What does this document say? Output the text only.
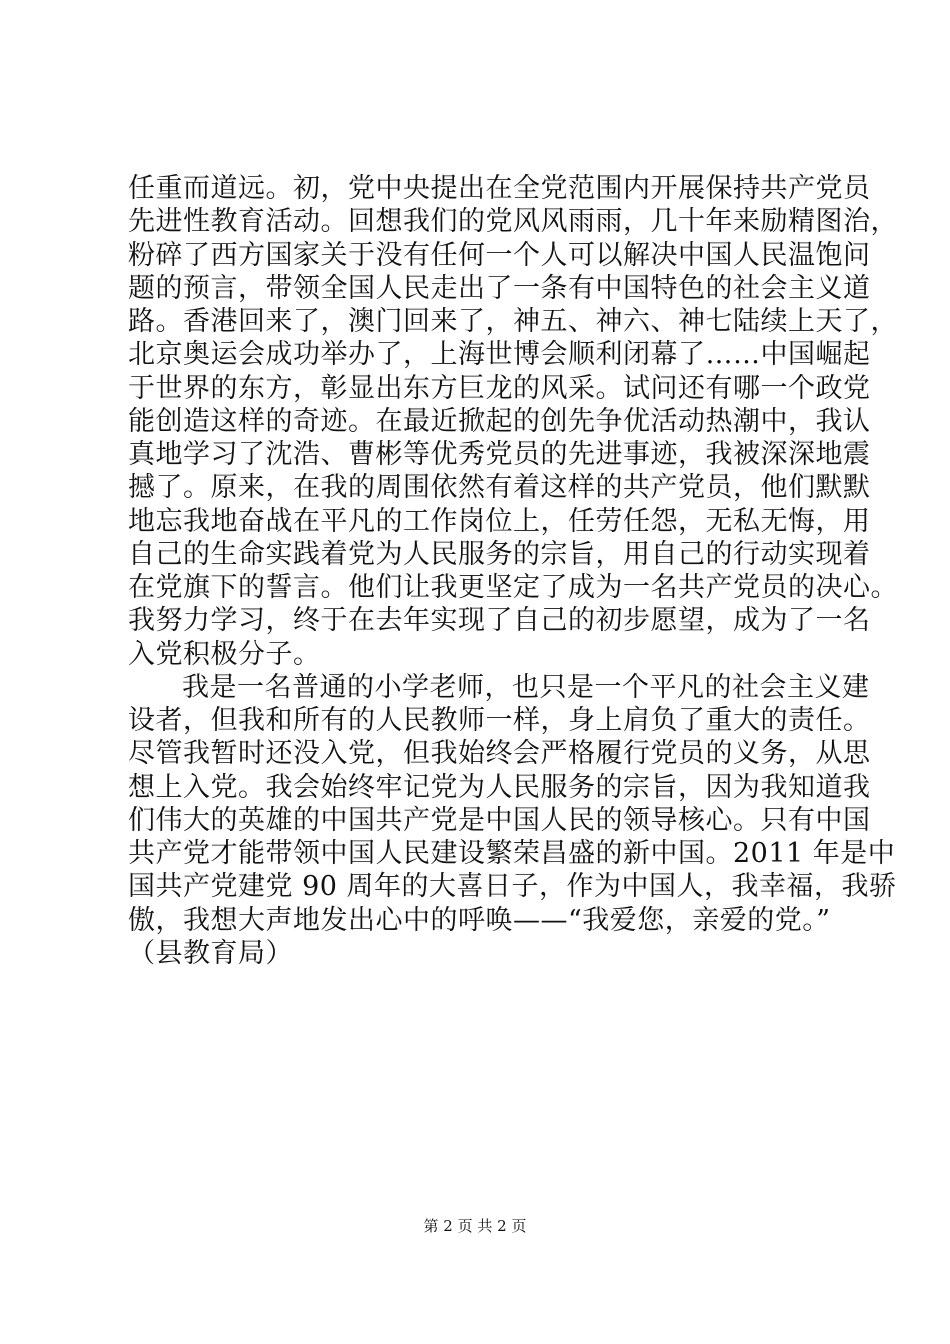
任重而道远。初，党中央提出在全党范围内开展保持共产党员
先进性教育活动。回想我们的党风风雨雨，几十年来励精图治，
粉碎了西方国家关于没有任何一个人可以解决中国人民温饱问
题的预言，带领全国人民走出了一条有中国特色的社会主义道
路。香港回来了，澳门回来了，神五、神六、神七陆续上天了，
北京奥运会成功举办了，上海世博会顺利闭幕了……中国崛起
于世界的东方，彰显出东方巨龙的风采。试问还有哪一个政党
能创造这样的奇迹。在最近掀起的创先争优活动热潮中，我认
真地学习了沈浩、曹彬等优秀党员的先进事迹，我被深深地震
撼了。原来，在我的周围依然有着这样的共产党员，他们默默
地忘我地奋战在平凡的工作岗位上，任劳任怨，无私无悔，用
自己的生命实践着党为人民服务的宗旨，用自己的行动实现着
在党旗下的誓言。他们让我更坚定了成为一名共产党员的决心。
我努力学习，终于在去年实现了自己的初步愿望，成为了一名
入党积极分子。
我是一名普通的小学老师，也只是一个平凡的社会主义建
设者，但我和所有的人民教师一样，身上肩负了重大的责任。
尽管我暂时还没入党，但我始终会严格履行党员的义务，从思
想上入党。我会始终牢记党为人民服务的宗旨，因为我知道我
们伟大的英雄的中国共产党是中国人民的领导核心。只有中国
共产党才能带领中国人民建设繁荣昌盛的新中国。2011 年是中
国共产党建党 90 周年的大喜日子，作为中国人，我幸福，我骄
傲，我想大声地发出心中的呼唤——“我爱您，亲爱的党。”
（县教育局）
第 2 页 共 2 页
